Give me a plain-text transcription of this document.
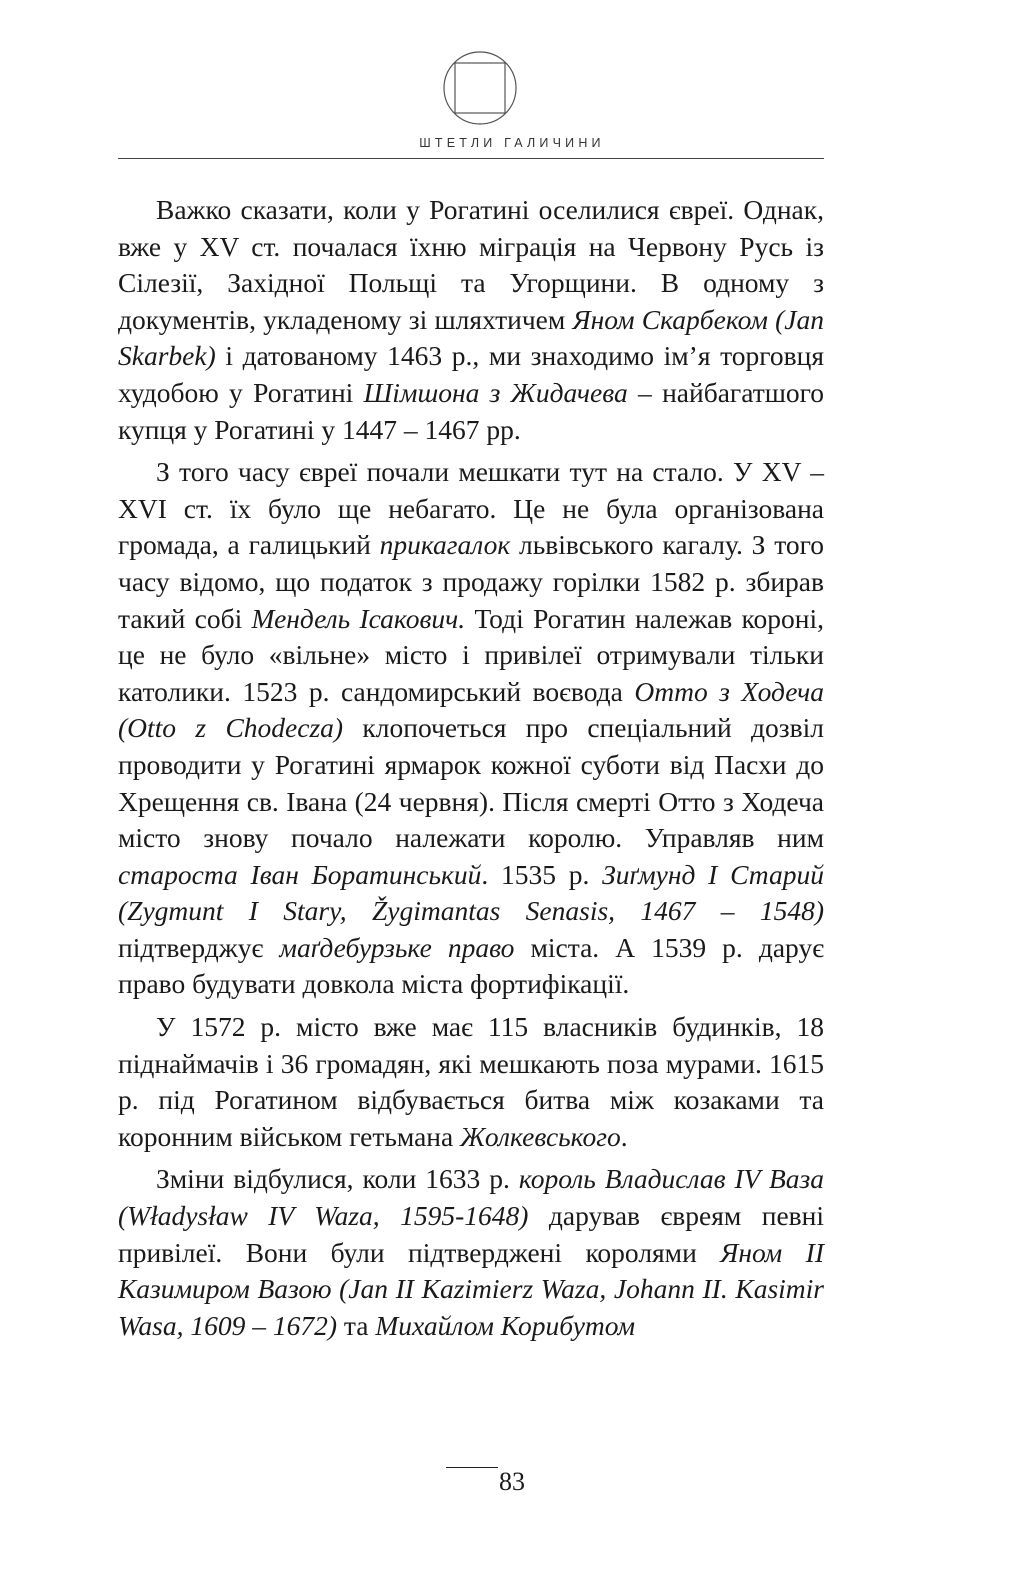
ШТЕТЛИ ГАЛИЧИНИ

Важко сказати, коли у Рогатині оселилися євреї. Однак, вже у XV ст. почалася їхню міграція на Червону Русь із Сілезії, Західної Польщі та Угорщини. В одному з документів, укладеному зі шляхтичем Яном Скарбеком (Jan Skarbek) і датованому 1463 р., ми знаходимо ім’я торговця худобою у Рогатині Шімшона з Жидачева – найбагатшого купця у Рогатині у 1447 – 1467 рр.

З того часу євреї почали мешкати тут на стало. У XV – XVI ст. їх було ще небагато. Це не була організована громада, а галицький прикагалок львівського кагалу. З того часу відомо, що податок з продажу горілки 1582 р. збирав такий собі Мендель Ісакович. Тоді Рогатин належав короні, це не було «вільне» місто і привілеї отримували тільки католики. 1523 р. сандомирський воєвода Отто з Ходеча (Otto z Chodecza) клопочеться про спеціальний дозвіл проводити у Рогатині ярмарок кожної суботи від Пасхи до Хрещення св. Івана (24 червня). Після смерті Отто з Ходеча місто знову почало належати королю. Управляв ним староста Іван Боратинський. 1535 р. Зиґмунд I Старий (Zygmunt I Stary, Žygimantas Senasis, 1467 – 1548) підтверджує маґдебурзьке право міста. А 1539 р. дарує право будувати довкола міста фортифікації.

У 1572 р. місто вже має 115 власників будинків, 18 піднаймачів і 36 громадян, які мешкають поза мурами. 1615 р. під Рогатином відбувається битва між козаками та коронним військом гетьмана Жолкевського.

Зміни відбулися, коли 1633 р. король Владислав IV Ваза (Władysław IV Waza, 1595-1648) дарував євреям певні привілеї. Вони були підтверджені королями Яном II Казимиром Вазою (Jan II Kazimierz Waza, Johann II. Kasimir Wasa, 1609 – 1672) та Михайлом Корибутом

83
